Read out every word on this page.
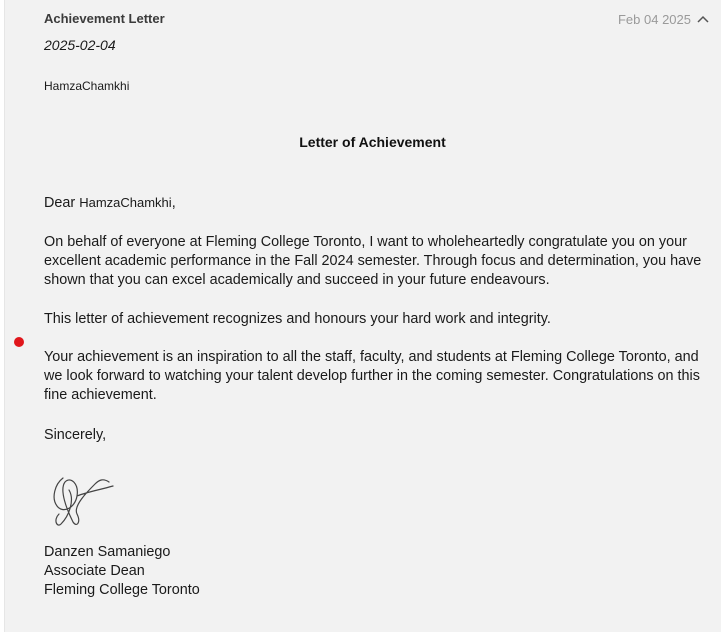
Achievement Letter	Feb 04 2025
2025-02-04
HamzaChamkhi
Letter of Achievement
Dear HamzaChamkhi,
On behalf of everyone at Fleming College Toronto, I want to wholeheartedly congratulate you on your excellent academic performance in the Fall 2024 semester. Through focus and determination, you have shown that you can excel academically and succeed in your future endeavours.
This letter of achievement recognizes and honours your hard work and integrity.
Your achievement is an inspiration to all the staff, faculty, and students at Fleming College Toronto, and we look forward to watching your talent develop further in the coming semester. Congratulations on this fine achievement.
Sincerely,
Danzen Samaniego
Associate Dean
Fleming College Toronto
